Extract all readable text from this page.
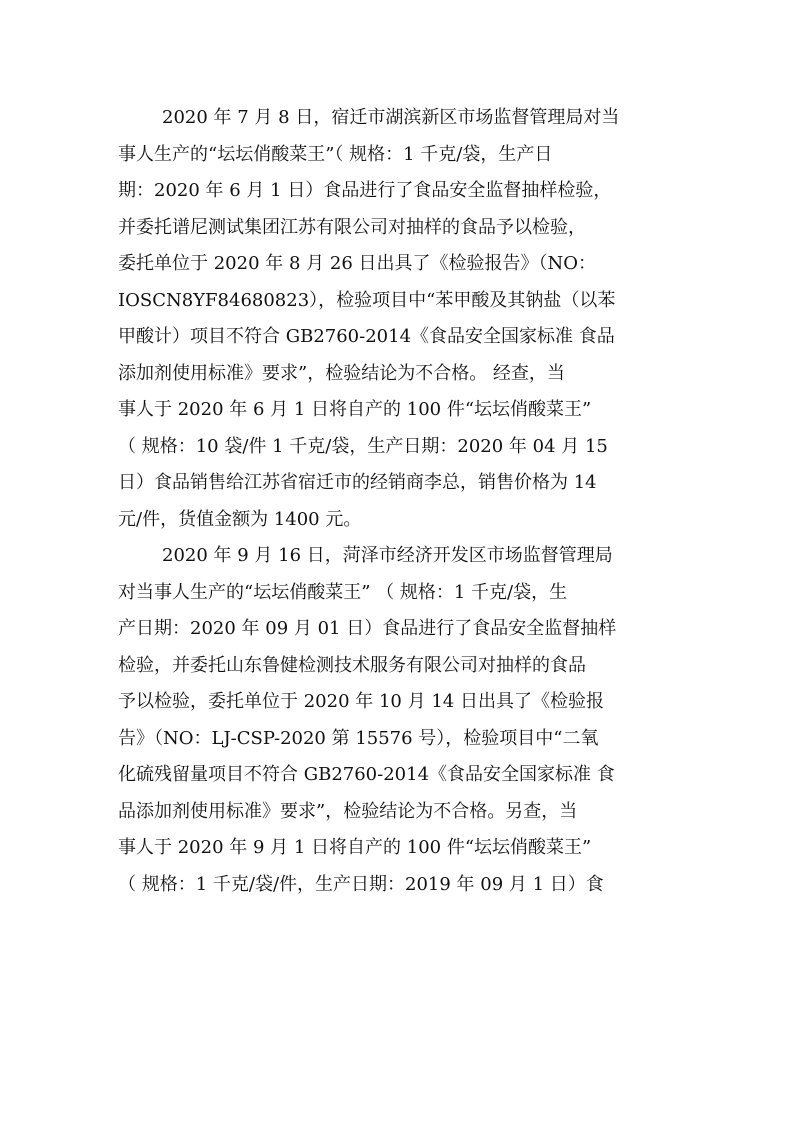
2020 年 7 月 8 日，宿迁市湖滨新区市场监督管理局对当
事人生产的“坛坛俏酸菜王”（ 规格：1 千克/袋，生产日
期：2020 年 6 月 1 日）食品进行了食品安全监督抽样检验，
并委托谱尼测试集团江苏有限公司对抽样的食品予以检验，
委托单位于 2020 年 8 月 26 日出具了《检验报告》（NO：
IOSCN8YF84680823），检验项目中“苯甲酸及其钠盐（以苯
甲酸计）项目不符合 GB2760-2014《食品安全国家标准 食品
添加剂使用标准》要求”，检验结论为不合格。 经查，当
事人于 2020 年 6 月 1 日将自产的 100 件“坛坛俏酸菜王”
（ 规格：10 袋/件 1 千克/袋，生产日期：2020 年 04 月 15
日）食品销售给江苏省宿迁市的经销商李总，销售价格为 14
元/件，货值金额为 1400 元。
2020 年 9 月 16 日，菏泽市经济开发区市场监督管理局
对当事人生产的“坛坛俏酸菜王” （ 规格：1 千克/袋，生
产日期：2020 年 09 月 01 日）食品进行了食品安全监督抽样
检验，并委托山东鲁健检测技术服务有限公司对抽样的食品
予以检验，委托单位于 2020 年 10 月 14 日出具了《检验报
告》（NO：LJ-CSP-2020 第 15576 号），检验项目中“二氧
化硫残留量项目不符合 GB2760-2014《食品安全国家标准 食
品添加剂使用标准》要求”，检验结论为不合格。另查，当
事人于 2020 年 9 月 1 日将自产的 100 件“坛坛俏酸菜王”
（ 规格：1 千克/袋/件，生产日期：2019 年 09 月 1 日）食
